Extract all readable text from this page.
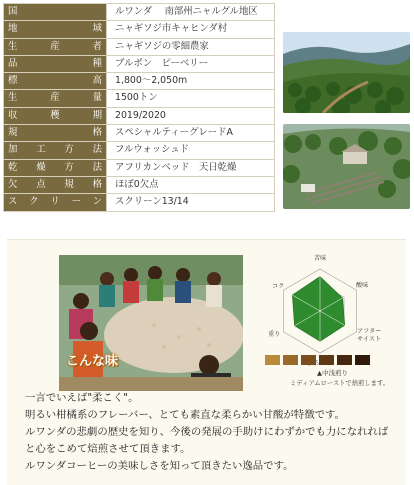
国	ルワンダ　 南部州ニャルグル地区
地域	ニャギソジ市キャヒンダ村
生産者	ニャギソジの零細農家
品種	ブルボン　ピーベリー
標高	1,800～2,050m
生産量	1500トン
収穫期	2019/2020
規格	スペシャルティーグレードA
加工方法	フルウォッシュド
乾燥方法	アフリカンベッド　天日乾燥
欠点規格	ほぼ0欠点
スクリーン	スクリーン13/14
こんな味
苦味
酸味
アフター
サイスト
重り
コク
▲中浅煎り
ミディアムローストで焙煎します。

一言でいえば"柔こく"。

明るい柑橘系のフレーバー、とても素直な柔らかい甘酸が特徴です。

ルワンダの悲劇の歴史を知り、今後の発展の手助けにわずかでも力になれれば

と心をこめて焙煎させて頂きます。

ルワンダコーヒーの美味しさを知って頂きたい逸品です。
